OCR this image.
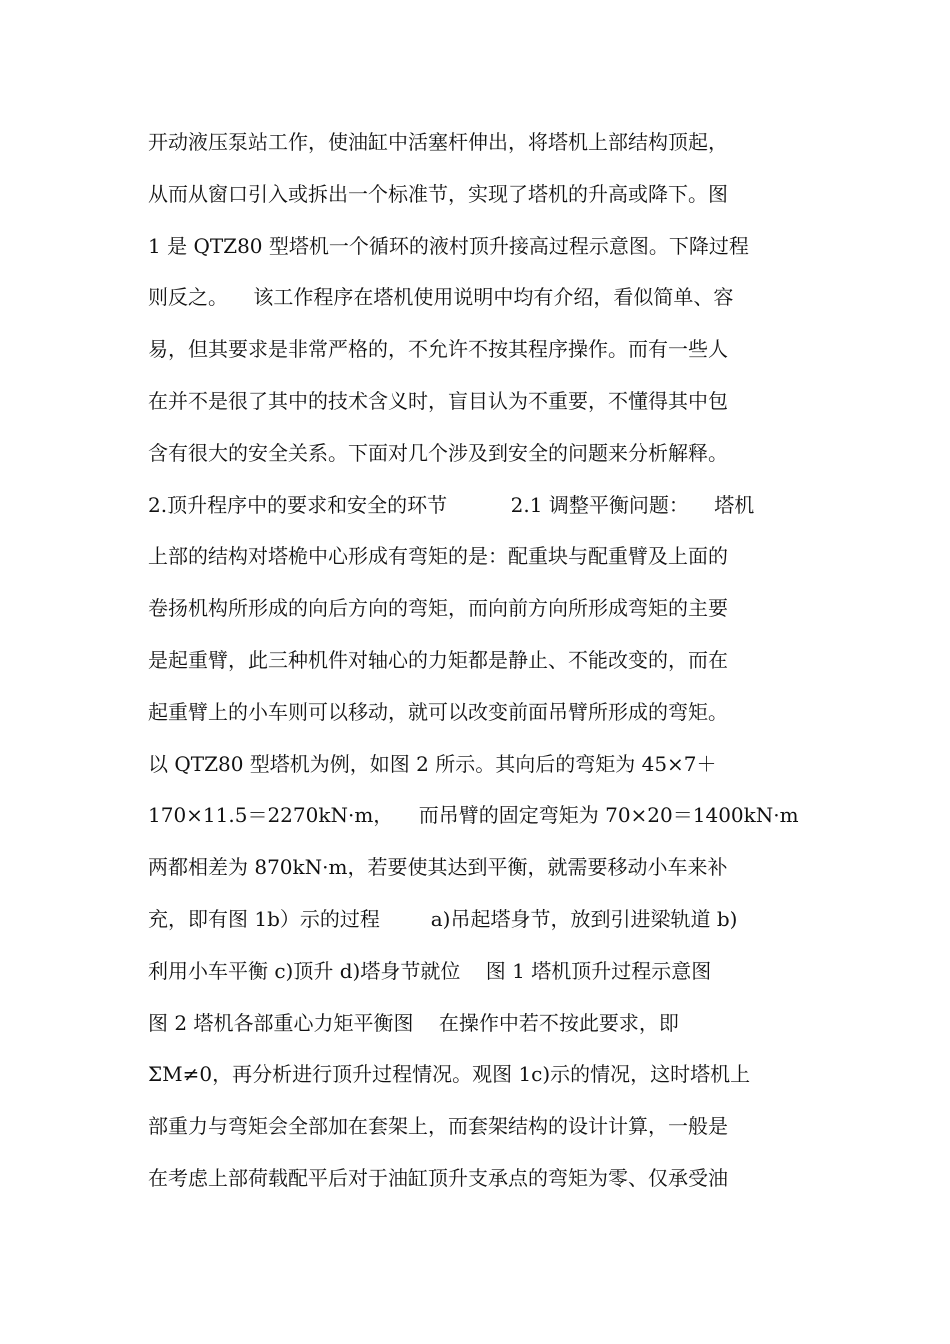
开动液压泵站工作，使油缸中活塞杆伸出，将塔机上部结构顶起，
从而从窗口引入或拆出一个标准节，实现了塔机的升高或降下。图
1 是 QTZ80 型塔机一个循环的液村顶升接高过程示意图。下降过程
则反之。    该工作程序在塔机使用说明中均有介绍，看似简单、容
易，但其要求是非常严格的，不允许不按其程序操作。而有一些人
在并不是很了其中的技术含义时，盲目认为不重要，不懂得其中包
含有很大的安全关系。下面对几个涉及到安全的问题来分析解释。
2.顶升程序中的要求和安全的环节          2.1 调整平衡问题：    塔机
上部的结构对塔桅中心形成有弯矩的是：配重块与配重臂及上面的
卷扬机构所形成的向后方向的弯矩，而向前方向所形成弯矩的主要
是起重臂，此三种机件对轴心的力矩都是静止、不能改变的，而在
起重臂上的小车则可以移动，就可以改变前面吊臂所形成的弯矩。
以 QTZ80 型塔机为例，如图 2 所示。其向后的弯矩为 45×7＋
170×11.5＝2270kN·m，    而吊臂的固定弯矩为 70×20＝1400kN·m
两都相差为 870kN·m，若要使其达到平衡，就需要移动小车来补
充，即有图 1b）示的过程        a)吊起塔身节，放到引进梁轨道 b)
利用小车平衡 c)顶升 d)塔身节就位    图 1 塔机顶升过程示意图
图 2 塔机各部重心力矩平衡图    在操作中若不按此要求，即
ΣM≠0，再分析进行顶升过程情况。观图 1c)示的情况，这时塔机上
部重力与弯矩会全部加在套架上，而套架结构的设计计算，一般是
在考虑上部荷载配平后对于油缸顶升支承点的弯矩为零、仅承受油
